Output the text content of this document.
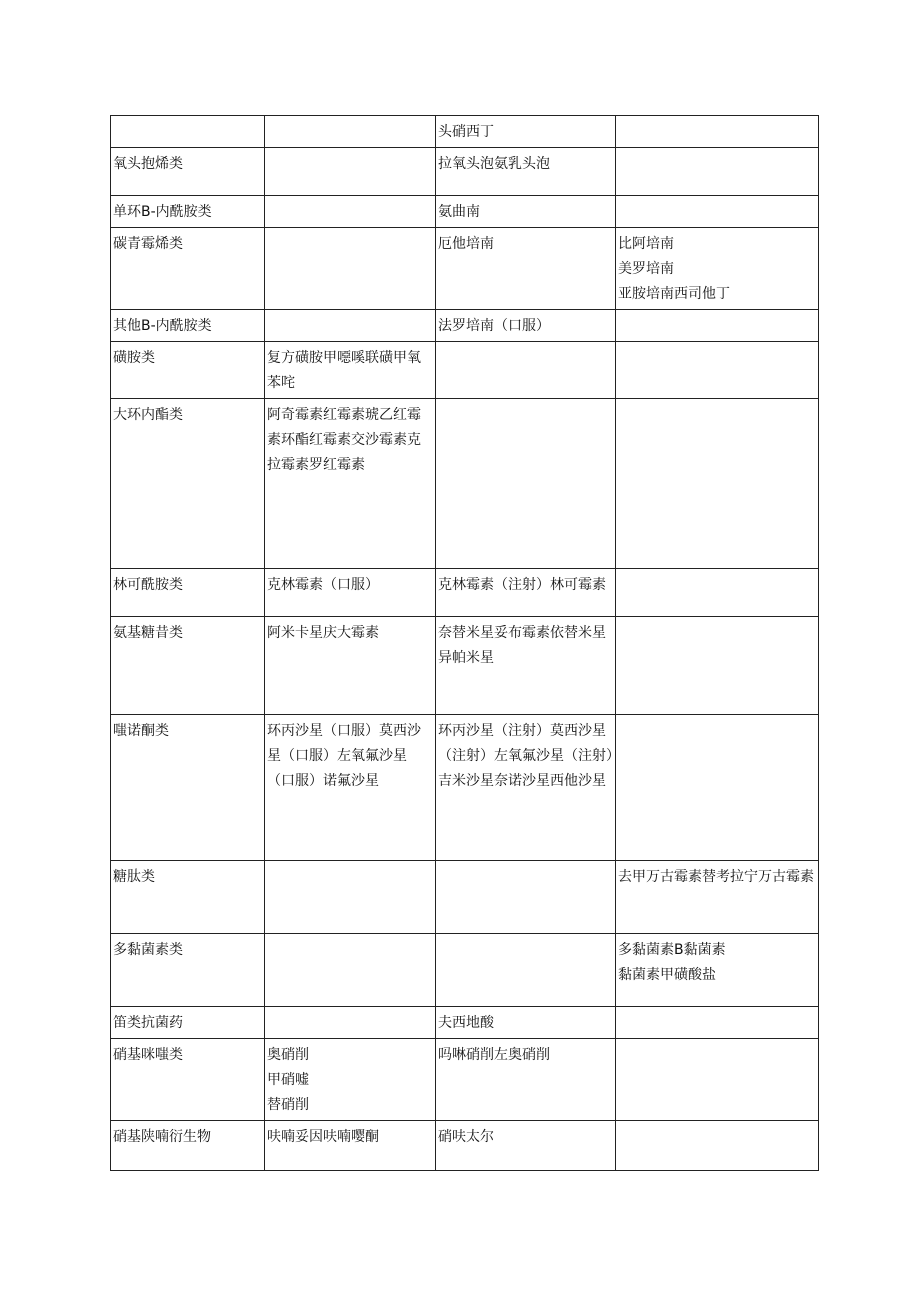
		头硝西丁	
氧头抱烯类		拉氧头泡氨乳头泡	
单环B-内酰胺类		氨曲南	
碳青霉烯类		厄他培南	比阿培南
美罗培南
亚胺培南西司他丁

其他B-内酰胺类		法罗培南（口服）	
磺胺类	复方磺胺甲噁嗘联磺甲氧苯咤		
大环内酯类	阿奇霉素红霉素琥乙红霉素环酯红霉素交沙霉素克拉霉素罗红霉素		
林可酰胺类	克林霉素（口服）	克林霉素（注射）林可霉素	
氨基糖昔类	阿米卡星庆大霉素	奈替米星妥布霉素依替米星异帕米星	
嗤诺酮类	环丙沙星（口服）莫西沙星（口服）左氧氟沙星（口服）诺氟沙星	环丙沙星（注射）莫西沙星（注射）左氧氟沙星（注射）吉米沙星奈诺沙星西他沙星	
糖肽类			去甲万古霉素替考拉宁万古霉素
多黏菌素类			多黏菌素B黏菌素
黏菌素甲磺酸盐

笛类抗菌药		夫西地酸	
硝基咪嗤类	奥硝削
甲硝嘘
替硝削	吗啉硝削左奥硝削	
硝基陕喃衍生物	呋喃妥因呋喃嘤酮	硝呋太尔	
